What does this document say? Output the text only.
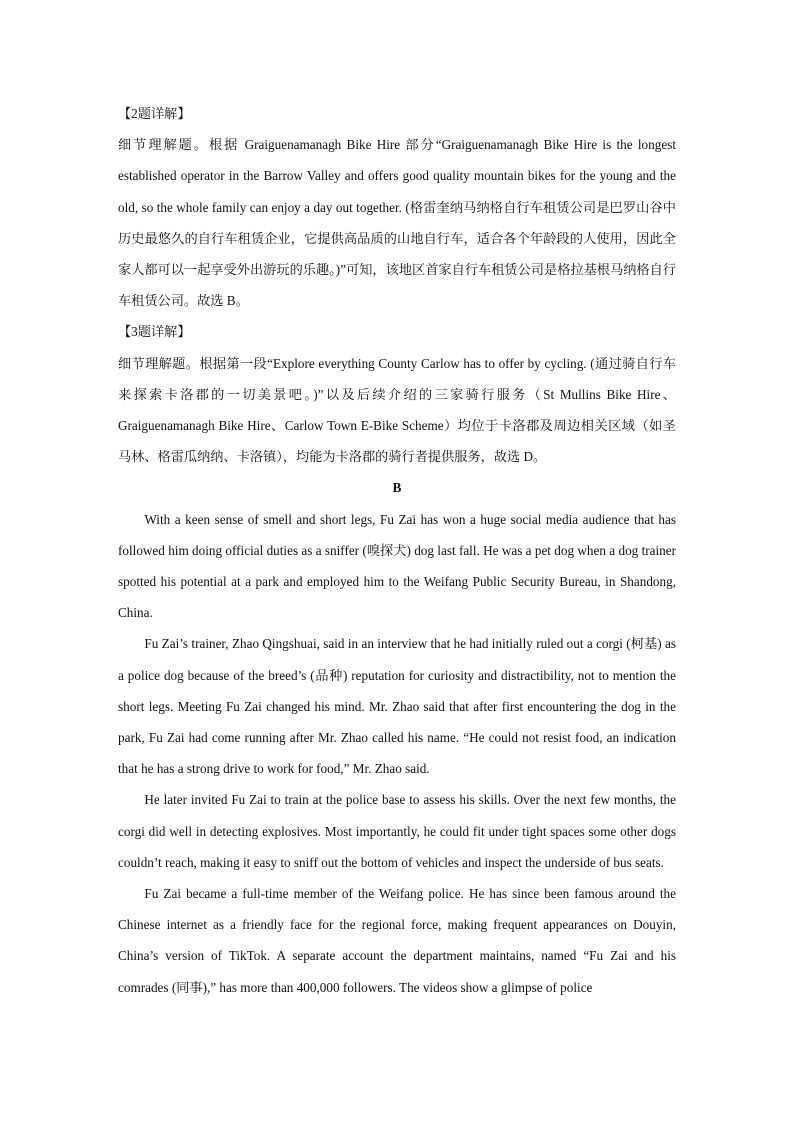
【2题详解】

细节理解题。根据 Graiguenamanagh Bike Hire 部分“Graiguenamanagh Bike Hire is the longest established operator in the Barrow Valley and offers good quality mountain bikes for the young and the old, so the whole family can enjoy a day out together. (格雷奎纳马纳格自行车租赁公司是巴罗山谷中历史最悠久的自行车租赁企业，它提供高品质的山地自行车，适合各个年龄段的人使用，因此全家人都可以一起享受外出游玩的乐趣。)”可知，该地区首家自行车租赁公司是格拉基根马纳格自行车租赁公司。故选 B。

【3题详解】

细节理解题。根据第一段“Explore everything County Carlow has to offer by cycling. (通过骑自行车来探索卡洛郡的一切美景吧。)”以及后续介绍的三家骑行服务（St Mullins Bike Hire、Graiguenamanagh Bike Hire、Carlow Town E-Bike Scheme）均位于卡洛郡及周边相关区域（如圣马林、格雷瓜纳纳、卡洛镇），均能为卡洛郡的骑行者提供服务，故选 D。

B

With a keen sense of smell and short legs, Fu Zai has won a huge social media audience that has followed him doing official duties as a sniffer (嗅探犬) dog last fall. He was a pet dog when a dog trainer spotted his potential at a park and employed him to the Weifang Public Security Bureau, in Shandong, China.

Fu Zai’s trainer, Zhao Qingshuai, said in an interview that he had initially ruled out a corgi (柯基) as a police dog because of the breed’s (品种) reputation for curiosity and distractibility, not to mention the short legs. Meeting Fu Zai changed his mind. Mr. Zhao said that after first encountering the dog in the park, Fu Zai had come running after Mr. Zhao called his name. “He could not resist food, an indication that he has a strong drive to work for food,” Mr. Zhao said.

He later invited Fu Zai to train at the police base to assess his skills. Over the next few months, the corgi did well in detecting explosives. Most importantly, he could fit under tight spaces some other dogs couldn’t reach, making it easy to sniff out the bottom of vehicles and inspect the underside of bus seats.

Fu Zai became a full-time member of the Weifang police. He has since been famous around the Chinese internet as a friendly face for the regional force, making frequent appearances on Douyin, China’s version of TikTok. A separate account the department maintains, named “Fu Zai and his comrades (同事),” has more than 400,000 followers. The videos show a glimpse of police
